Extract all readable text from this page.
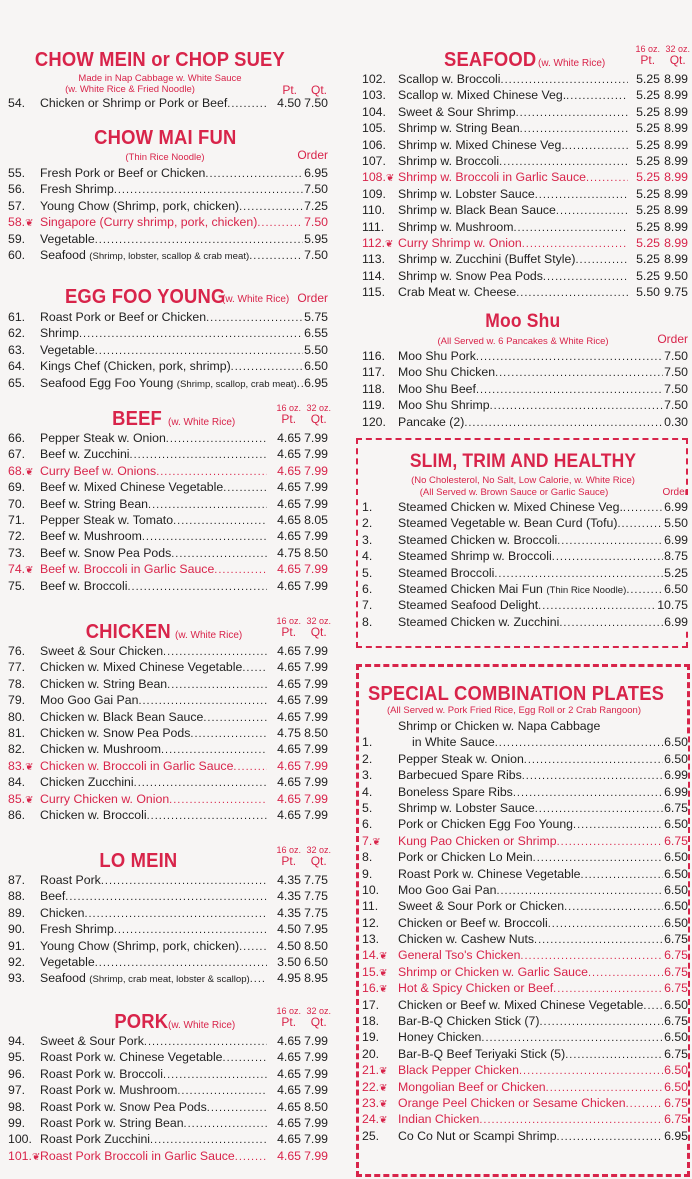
CHOW MEIN or CHOP SUEY
Made in Nap Cabbage w. White Sauce
(w. White Rice & Fried Noodle)	Pt. Qt.
54. Chicken or Shrimp or Pork or Beef .....	4.50 7.50
CHOW MAI FUN
(Thin Rice Noodle)	Order
55. Fresh Pork or Beef or Chicken .....	6.95
56. Fresh Shrimp .....	7.50
57. Young Chow (Shrimp, pork, chicken) .....	7.25
58.❦ Singapore (Curry shrimp, pork, chicken) .....	7.50
59. Vegetable .....	5.95
60. Seafood (Shrimp, lobster, scallop & crab meat) .....	7.50
EGG FOO YOUNG
(w. White Rice) Order
61. Roast Pork or Beef or Chicken .....	5.75
62. Shrimp .....	6.55
63. Vegetable .....	5.50
64. Kings Chef (Chicken, pork, shrimp) .....	6.50
65. Seafood Egg Foo Young (Shrimp, scallop, crab meat) ..... 6.95
BEEF (w. White Rice)
16 oz.
Pt.
32 oz.
Qt.
66. Pepper Steak w. Onion .....	4.65 7.99
67. Beef w. Zucchini .....	4.65 7.99
68.❦ Curry Beef w. Onions .....	4.65 7.99
69. Beef w. Mixed Chinese Vegetable .....	4.65 7.99
70. Beef w. String Bean .....	4.65 7.99
71. Pepper Steak w. Tomato .....	4.65 8.05
72. Beef w. Mushroom .....	4.65 7.99
73. Beef w. Snow Pea Pods .....	4.75 8.50
74.❦ Beef w. Broccoli in Garlic Sauce .....	4.65 7.99
75. Beef w. Broccoli .....	4.65 7.99
CHICKEN (w. White Rice)
16 oz.
Pt.
32 oz.
Qt.
76. Sweet & Sour Chicken .....	4.65 7.99
77. Chicken w. Mixed Chinese Vegetable .....	4.65 7.99
78. Chicken w. String Bean .....	4.65 7.99
79. Moo Goo Gai Pan .....	4.65 7.99
80. Chicken w. Black Bean Sauce .....	4.65 7.99
81. Chicken w. Snow Pea Pods .....	4.75 8.50
82. Chicken w. Mushroom .....	4.65 7.99
83.❦ Chicken w. Broccoli in Garlic Sauce .....	4.65 7.99
84. Chicken Zucchini .....	4.65 7.99
85.❦ Curry Chicken w. Onion .....	4.65 7.99
86. Chicken w. Broccoli .....	4.65 7.99
LO MEIN	16 oz.
Pt.
32 oz.
Qt.
87. Roast Pork .....	4.35 7.75
88. Beef .....	4.35 7.75
89. Chicken .....	4.35 7.75
90. Fresh Shrimp .....	4.50 7.95
91. Young Chow (Shrimp, pork, chicken) .....	4.50 8.50
92. Vegetable .....	3.50 6.50
93. Seafood (Shrimp, crab meat, lobster & scallop) ..... 4.95 8.95
PORK (w. White Rice)
16 oz.
Pt.
32 oz.
Qt.
94. Sweet & Sour Pork .....	4.65 7.99
95. Roast Pork w. Chinese Vegetable .....	4.65 7.99
96. Roast Pork w. Broccoli .....	4.65 7.99
97. Roast Pork w. Mushroom .....	4.65 7.99
98. Roast Pork w. Snow Pea Pods .....	4.65 8.50
99. Roast Pork w. String Bean .....	4.65 7.99
100. Roast Pork Zucchini .....	4.65 7.99
101.❦ Roast Pork Broccoli in Garlic Sauce .....	4.65 7.99
SEAFOOD (w. White Rice)
16 oz.
Pt.
32 oz.
Qt.
102. Scallop w. Broccoli .....	5.25 8.99
103. Scallop w. Mixed Chinese Veg. .....	5.25 8.99
104. Sweet & Sour Shrimp .....	5.25 8.99
105. Shrimp w. String Bean .....	5.25 8.99
106. Shrimp w. Mixed Chinese Veg. .....	5.25 8.99
107. Shrimp w. Broccoli .....	5.25 8.99
108.❦ Shrimp w. Broccoli in Garlic Sauce .....	5.25 8.99
109. Shrimp w. Lobster Sauce .....	5.25 8.99
110. Shrimp w. Black Bean Sauce .....	5.25 8.99
111. Shrimp w. Mushroom .....	5.25 8.99
112.❦ Curry Shrimp w. Onion .....	5.25 8.99
113. Shrimp w. Zucchini (Buffet Style) .....	5.25 8.99
114. Shrimp w. Snow Pea Pods .....	5.25 9.50
115. Crab Meat w. Cheese .....	5.50 9.75
Moo Shu
(All Served w. 6 Pancakes & White Rice)	Order
116. Moo Shu Pork .....	7.50
117. Moo Shu Chicken .....	7.50
118. Moo Shu Beef .....	7.50
119. Moo Shu Shrimp .....	7.50
120. Pancake (2) .....	0.30
SLIM, TRIM AND HEALTHY
(No Cholesterol, No Salt, Low Calorie, w. White Rice)
(All Served w. Brown Sauce or Garlic Sauce)	Order
1. Steamed Chicken w. Mixed Chinese Veg. .....	6.99
2. Steamed Vegetable w. Bean Curd (Tofu) .....	5.50
3. Steamed Chicken w. Broccoli .....	6.99
4. Steamed Shrimp w. Broccoli .....	8.75
5. Steamed Broccoli .....	5.25
6. Steamed Chicken Mai Fun (Thin Rice Noodle) .....	6.50
7. Steamed Seafood Delight .....	10.75
8. Steamed Chicken w. Zucchini .....	6.99
SPECIAL COMBINATION PLATES
(All Served w. Pork Fried Rice, Egg Roll or 2 Crab Rangoon)
Shrimp or Chicken w. Napa Cabbage
1.	in White Sauce .....	6.50
2. Pepper Steak w. Onion .....	6.50
3. Barbecued Spare Ribs .....	6.99
4. Boneless Spare Ribs .....	6.99
5. Shrimp w. Lobster Sauce .....	6.75
6. Pork or Chicken Egg Foo Young .....	6.50
7.❦ Kung Pao Chicken or Shrimp .....	6.75
8. Pork or Chicken Lo Mein .....	6.50
9. Roast Pork w. Chinese Vegetable .....	6.50
10. Moo Goo Gai Pan .....	6.50
11. Sweet & Sour Pork or Chicken .....	6.50
12. Chicken or Beef w. Broccoli .....	6.50
13. Chicken w. Cashew Nuts .....	6.75
14.❦ General Tso's Chicken .....	6.75
15.❦ Shrimp or Chicken w. Garlic Sauce .....	6.75
16.❦ Hot & Spicy Chicken or Beef .....	6.75
17. Chicken or Beef w. Mixed Chinese Vegetable ..... 6.50
18. Bar-B-Q Chicken Stick (7) .....	6.75
19. Honey Chicken .....	6.50
20. Bar-B-Q Beef Teriyaki Stick (5) .....	6.75
21.❦ Black Pepper Chicken .....	6.50
22.❦ Mongolian Beef or Chicken .....	6.50
23.❦ Orange Peel Chicken or Sesame Chicken .....	6.75
24.❦ Indian Chicken .....	6.75
25. Co Co Nut or Scampi Shrimp .....	6.95
